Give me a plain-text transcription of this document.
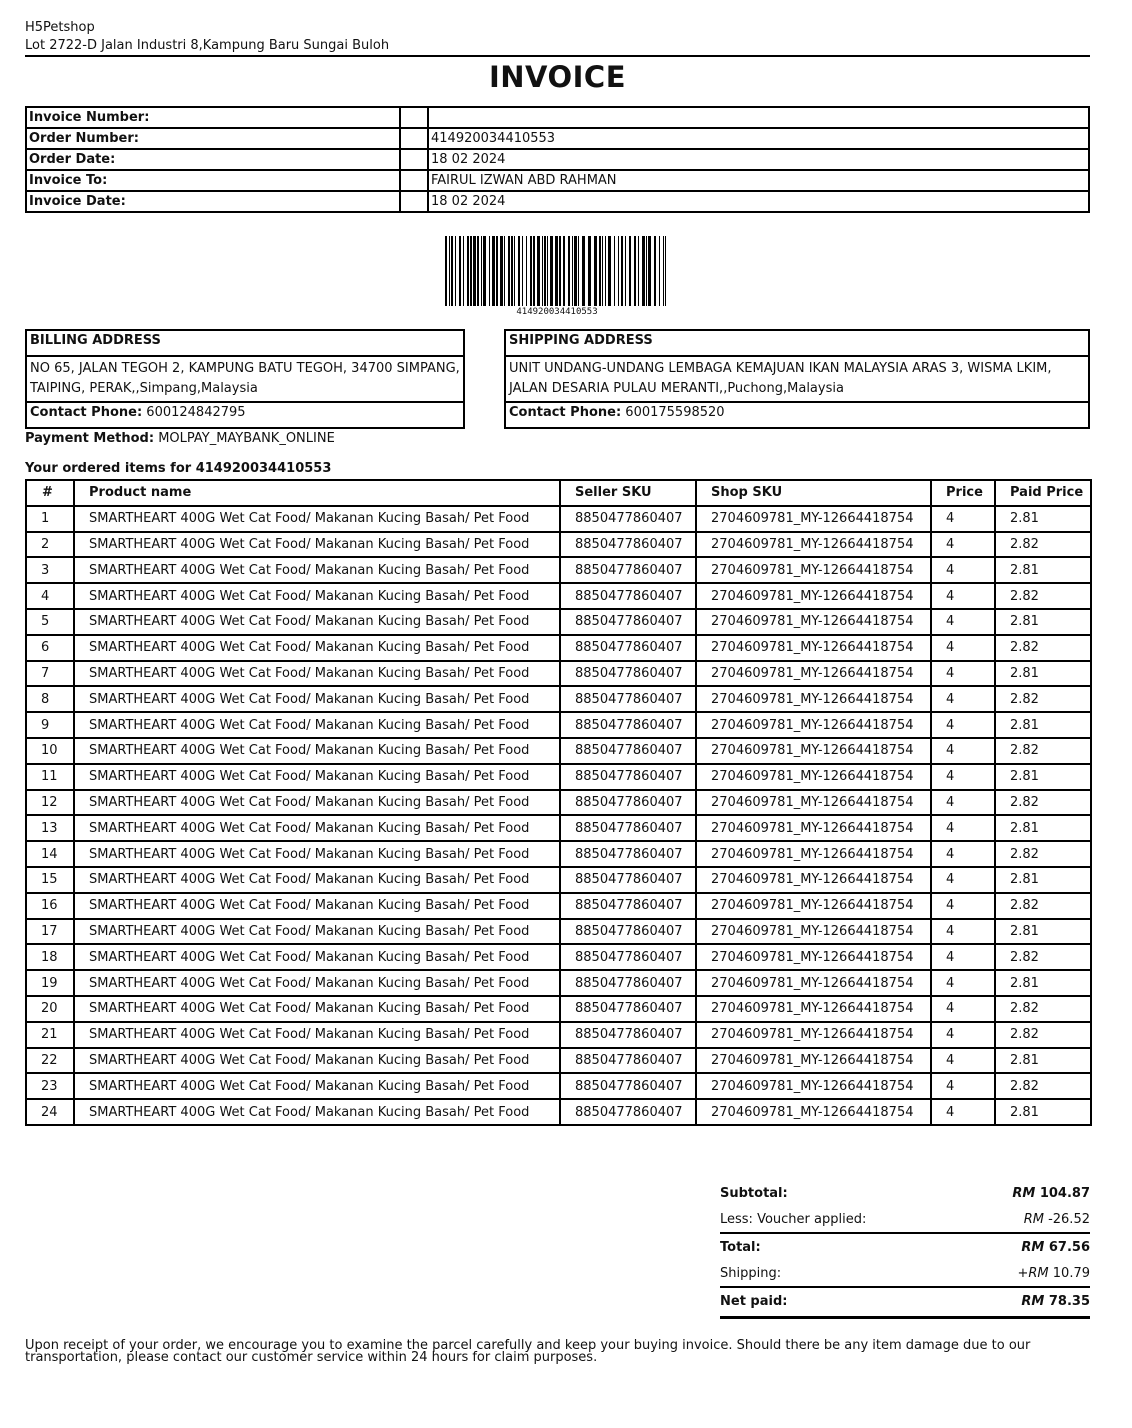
H5Petshop
Lot 2722-D Jalan Industri 8,Kampung Baru Sungai Buloh
INVOICE
Invoice Number:		
Order Number:		414920034410553
Order Date:		18 02 2024
Invoice To:		FAIRUL IZWAN ABD RAHMAN
Invoice Date:		18 02 2024
414920034410553
BILLING ADDRESS
NO 65, JALAN TEGOH 2, KAMPUNG BATU TEGOH, 34700 SIMPANG, TAIPING, PERAK,,Simpang,Malaysia
Contact Phone: 600124842795
SHIPPING ADDRESS
UNIT UNDANG-UNDANG LEMBAGA KEMAJUAN IKAN MALAYSIA ARAS 3, WISMA LKIM, JALAN DESARIA PULAU MERANTI,,Puchong,Malaysia
Contact Phone: 600175598520
Payment Method: MOLPAY_MAYBANK_ONLINE
Your ordered items for 414920034410553
#	Product name	Seller SKU	Shop SKU	Price	Paid Price
1	SMARTHEART 400G Wet Cat Food/ Makanan Kucing Basah/ Pet Food	8850477860407	2704609781_MY-12664418754	4	2.81
2	SMARTHEART 400G Wet Cat Food/ Makanan Kucing Basah/ Pet Food	8850477860407	2704609781_MY-12664418754	4	2.82
3	SMARTHEART 400G Wet Cat Food/ Makanan Kucing Basah/ Pet Food	8850477860407	2704609781_MY-12664418754	4	2.81
4	SMARTHEART 400G Wet Cat Food/ Makanan Kucing Basah/ Pet Food	8850477860407	2704609781_MY-12664418754	4	2.82
5	SMARTHEART 400G Wet Cat Food/ Makanan Kucing Basah/ Pet Food	8850477860407	2704609781_MY-12664418754	4	2.81
6	SMARTHEART 400G Wet Cat Food/ Makanan Kucing Basah/ Pet Food	8850477860407	2704609781_MY-12664418754	4	2.82
7	SMARTHEART 400G Wet Cat Food/ Makanan Kucing Basah/ Pet Food	8850477860407	2704609781_MY-12664418754	4	2.81
8	SMARTHEART 400G Wet Cat Food/ Makanan Kucing Basah/ Pet Food	8850477860407	2704609781_MY-12664418754	4	2.82
9	SMARTHEART 400G Wet Cat Food/ Makanan Kucing Basah/ Pet Food	8850477860407	2704609781_MY-12664418754	4	2.81
10	SMARTHEART 400G Wet Cat Food/ Makanan Kucing Basah/ Pet Food	8850477860407	2704609781_MY-12664418754	4	2.82
11	SMARTHEART 400G Wet Cat Food/ Makanan Kucing Basah/ Pet Food	8850477860407	2704609781_MY-12664418754	4	2.81
12	SMARTHEART 400G Wet Cat Food/ Makanan Kucing Basah/ Pet Food	8850477860407	2704609781_MY-12664418754	4	2.82
13	SMARTHEART 400G Wet Cat Food/ Makanan Kucing Basah/ Pet Food	8850477860407	2704609781_MY-12664418754	4	2.81
14	SMARTHEART 400G Wet Cat Food/ Makanan Kucing Basah/ Pet Food	8850477860407	2704609781_MY-12664418754	4	2.82
15	SMARTHEART 400G Wet Cat Food/ Makanan Kucing Basah/ Pet Food	8850477860407	2704609781_MY-12664418754	4	2.81
16	SMARTHEART 400G Wet Cat Food/ Makanan Kucing Basah/ Pet Food	8850477860407	2704609781_MY-12664418754	4	2.82
17	SMARTHEART 400G Wet Cat Food/ Makanan Kucing Basah/ Pet Food	8850477860407	2704609781_MY-12664418754	4	2.81
18	SMARTHEART 400G Wet Cat Food/ Makanan Kucing Basah/ Pet Food	8850477860407	2704609781_MY-12664418754	4	2.82
19	SMARTHEART 400G Wet Cat Food/ Makanan Kucing Basah/ Pet Food	8850477860407	2704609781_MY-12664418754	4	2.81
20	SMARTHEART 400G Wet Cat Food/ Makanan Kucing Basah/ Pet Food	8850477860407	2704609781_MY-12664418754	4	2.82
21	SMARTHEART 400G Wet Cat Food/ Makanan Kucing Basah/ Pet Food	8850477860407	2704609781_MY-12664418754	4	2.82
22	SMARTHEART 400G Wet Cat Food/ Makanan Kucing Basah/ Pet Food	8850477860407	2704609781_MY-12664418754	4	2.81
23	SMARTHEART 400G Wet Cat Food/ Makanan Kucing Basah/ Pet Food	8850477860407	2704609781_MY-12664418754	4	2.82
24	SMARTHEART 400G Wet Cat Food/ Makanan Kucing Basah/ Pet Food	8850477860407	2704609781_MY-12664418754	4	2.81
Subtotal:	RM 104.87
Less: Voucher applied:	RM -26.52
Total:	RM 67.56
Shipping:	+RM 10.79
Net paid:	RM 78.35
Upon receipt of your order, we encourage you to examine the parcel carefully and keep your buying invoice. Should there be any item damage due to our transportation, please contact our customer service within 24 hours for claim purposes.
